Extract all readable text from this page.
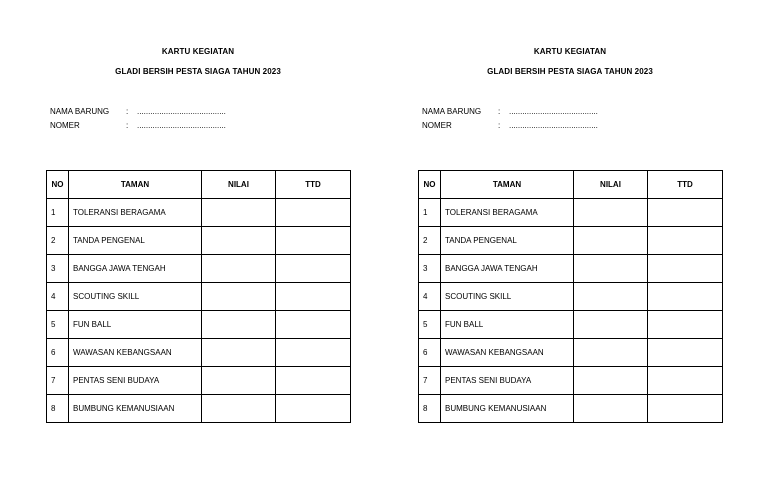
KARTU KEGIATAN
GLADI BERSIH PESTA SIAGA TAHUN 2023
NAMA BARUNG : ........................................
NOMER	: ........................................
NO	TAMAN	NILAI	TTD
1	TOLERANSI BERAGAMA		
2	TANDA PENGENAL		
3	BANGGA JAWA TENGAH		
4	SCOUTING SKILL		
5	FUN BALL		
6	WAWASAN KEBANGSAAN		
7	PENTAS SENI BUDAYA		
8	BUMBUNG KEMANUSIAAN		
KARTU KEGIATAN
GLADI BERSIH PESTA SIAGA TAHUN 2023
NAMA BARUNG : ........................................
NOMER	: ........................................
NO	TAMAN	NILAI	TTD
1	TOLERANSI BERAGAMA		
2	TANDA PENGENAL		
3	BANGGA JAWA TENGAH		
4	SCOUTING SKILL		
5	FUN BALL		
6	WAWASAN KEBANGSAAN		
7	PENTAS SENI BUDAYA		
8	BUMBUNG KEMANUSIAAN		
